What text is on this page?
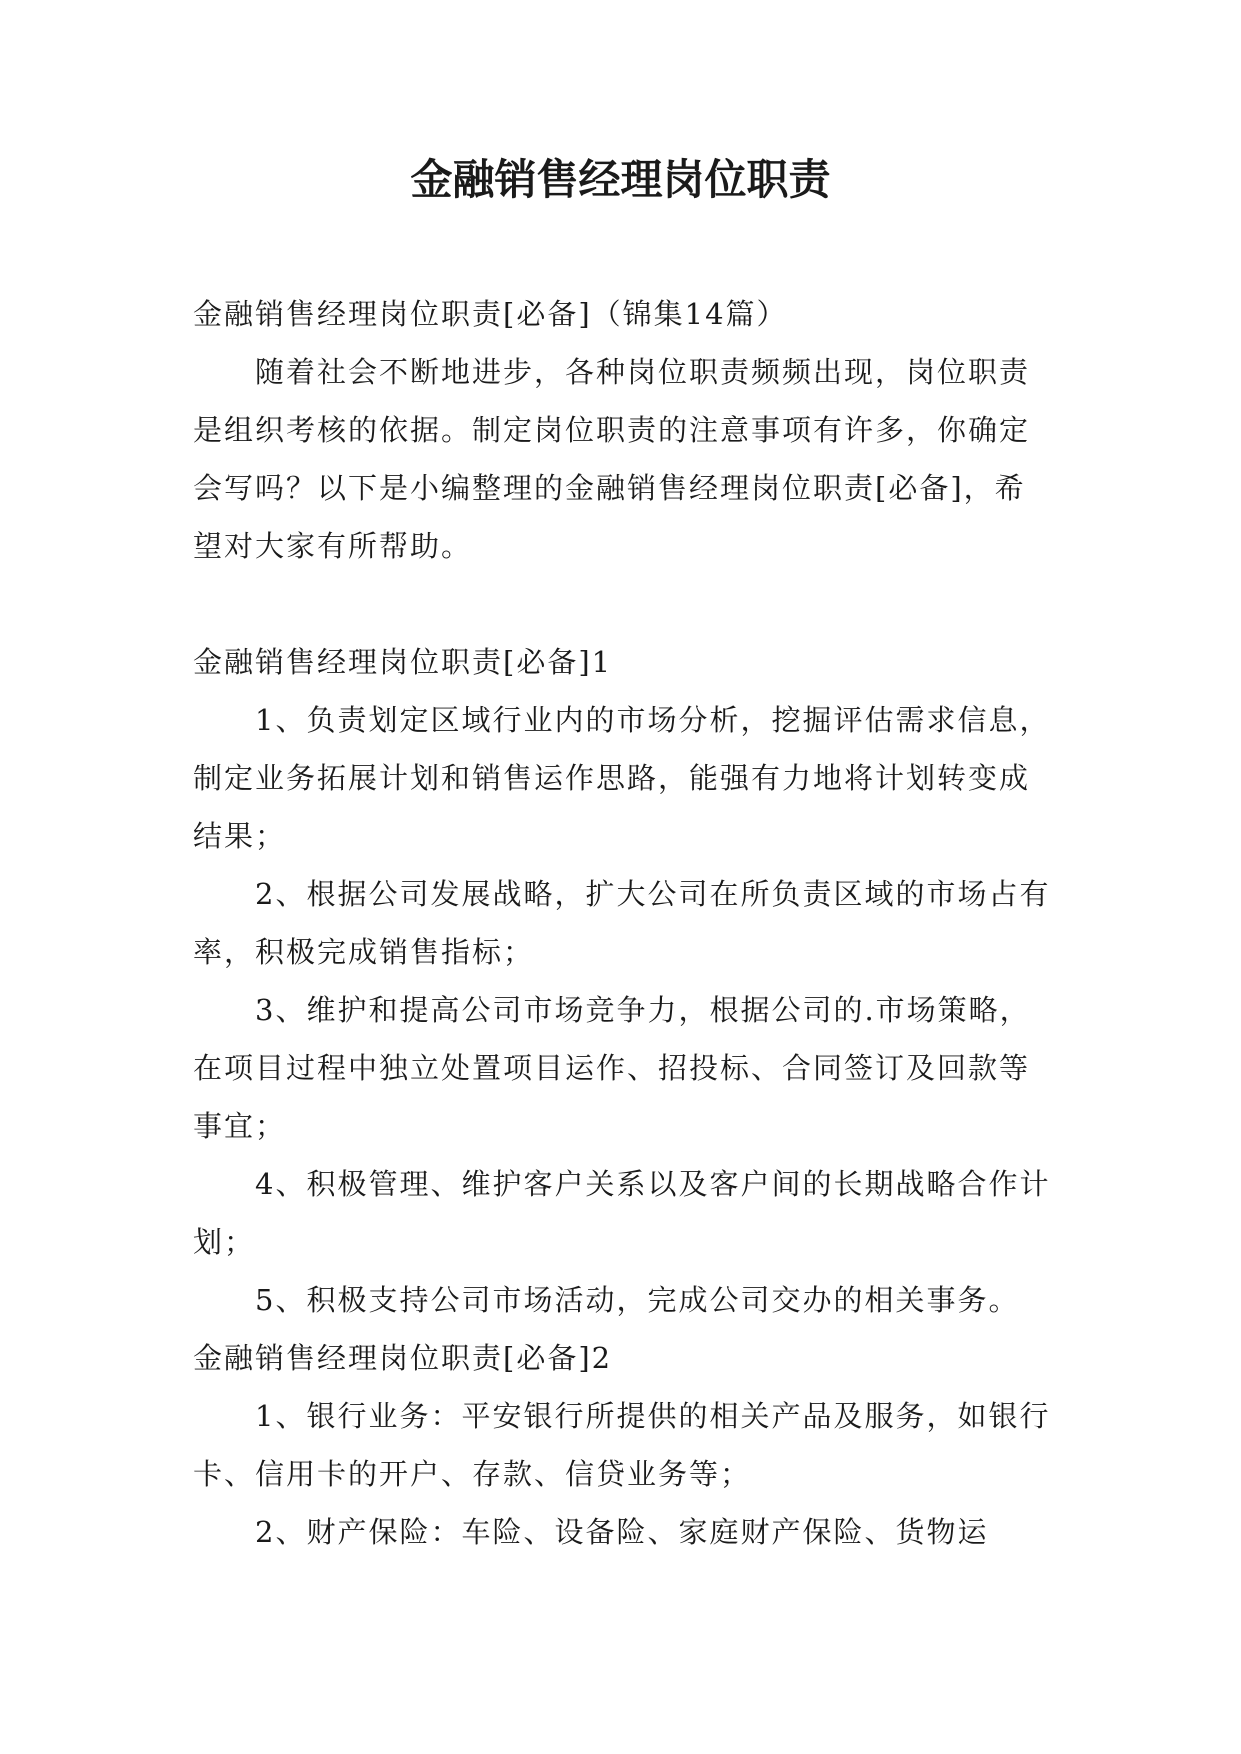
金融销售经理岗位职责

金融销售经理岗位职责[必备]（锦集14篇）

随着社会不断地进步，各种岗位职责频频出现，岗位职责是组织考核的依据。制定岗位职责的注意事项有许多，你确定会写吗？以下是小编整理的金融销售经理岗位职责[必备]，希望对大家有所帮助。

金融销售经理岗位职责[必备]1

1、负责划定区域行业内的市场分析，挖掘评估需求信息，制定业务拓展计划和销售运作思路，能强有力地将计划转变成结果；

2、根据公司发展战略，扩大公司在所负责区域的市场占有率，积极完成销售指标；

3、维护和提高公司市场竞争力，根据公司的.市场策略，在项目过程中独立处置项目运作、招投标、合同签订及回款等事宜；

4、积极管理、维护客户关系以及客户间的长期战略合作计划；

5、积极支持公司市场活动，完成公司交办的相关事务。

金融销售经理岗位职责[必备]2

1、银行业务：平安银行所提供的相关产品及服务，如银行卡、信用卡的开户、存款、信贷业务等；

2、财产保险：车险、设备险、家庭财产保险、货物运
